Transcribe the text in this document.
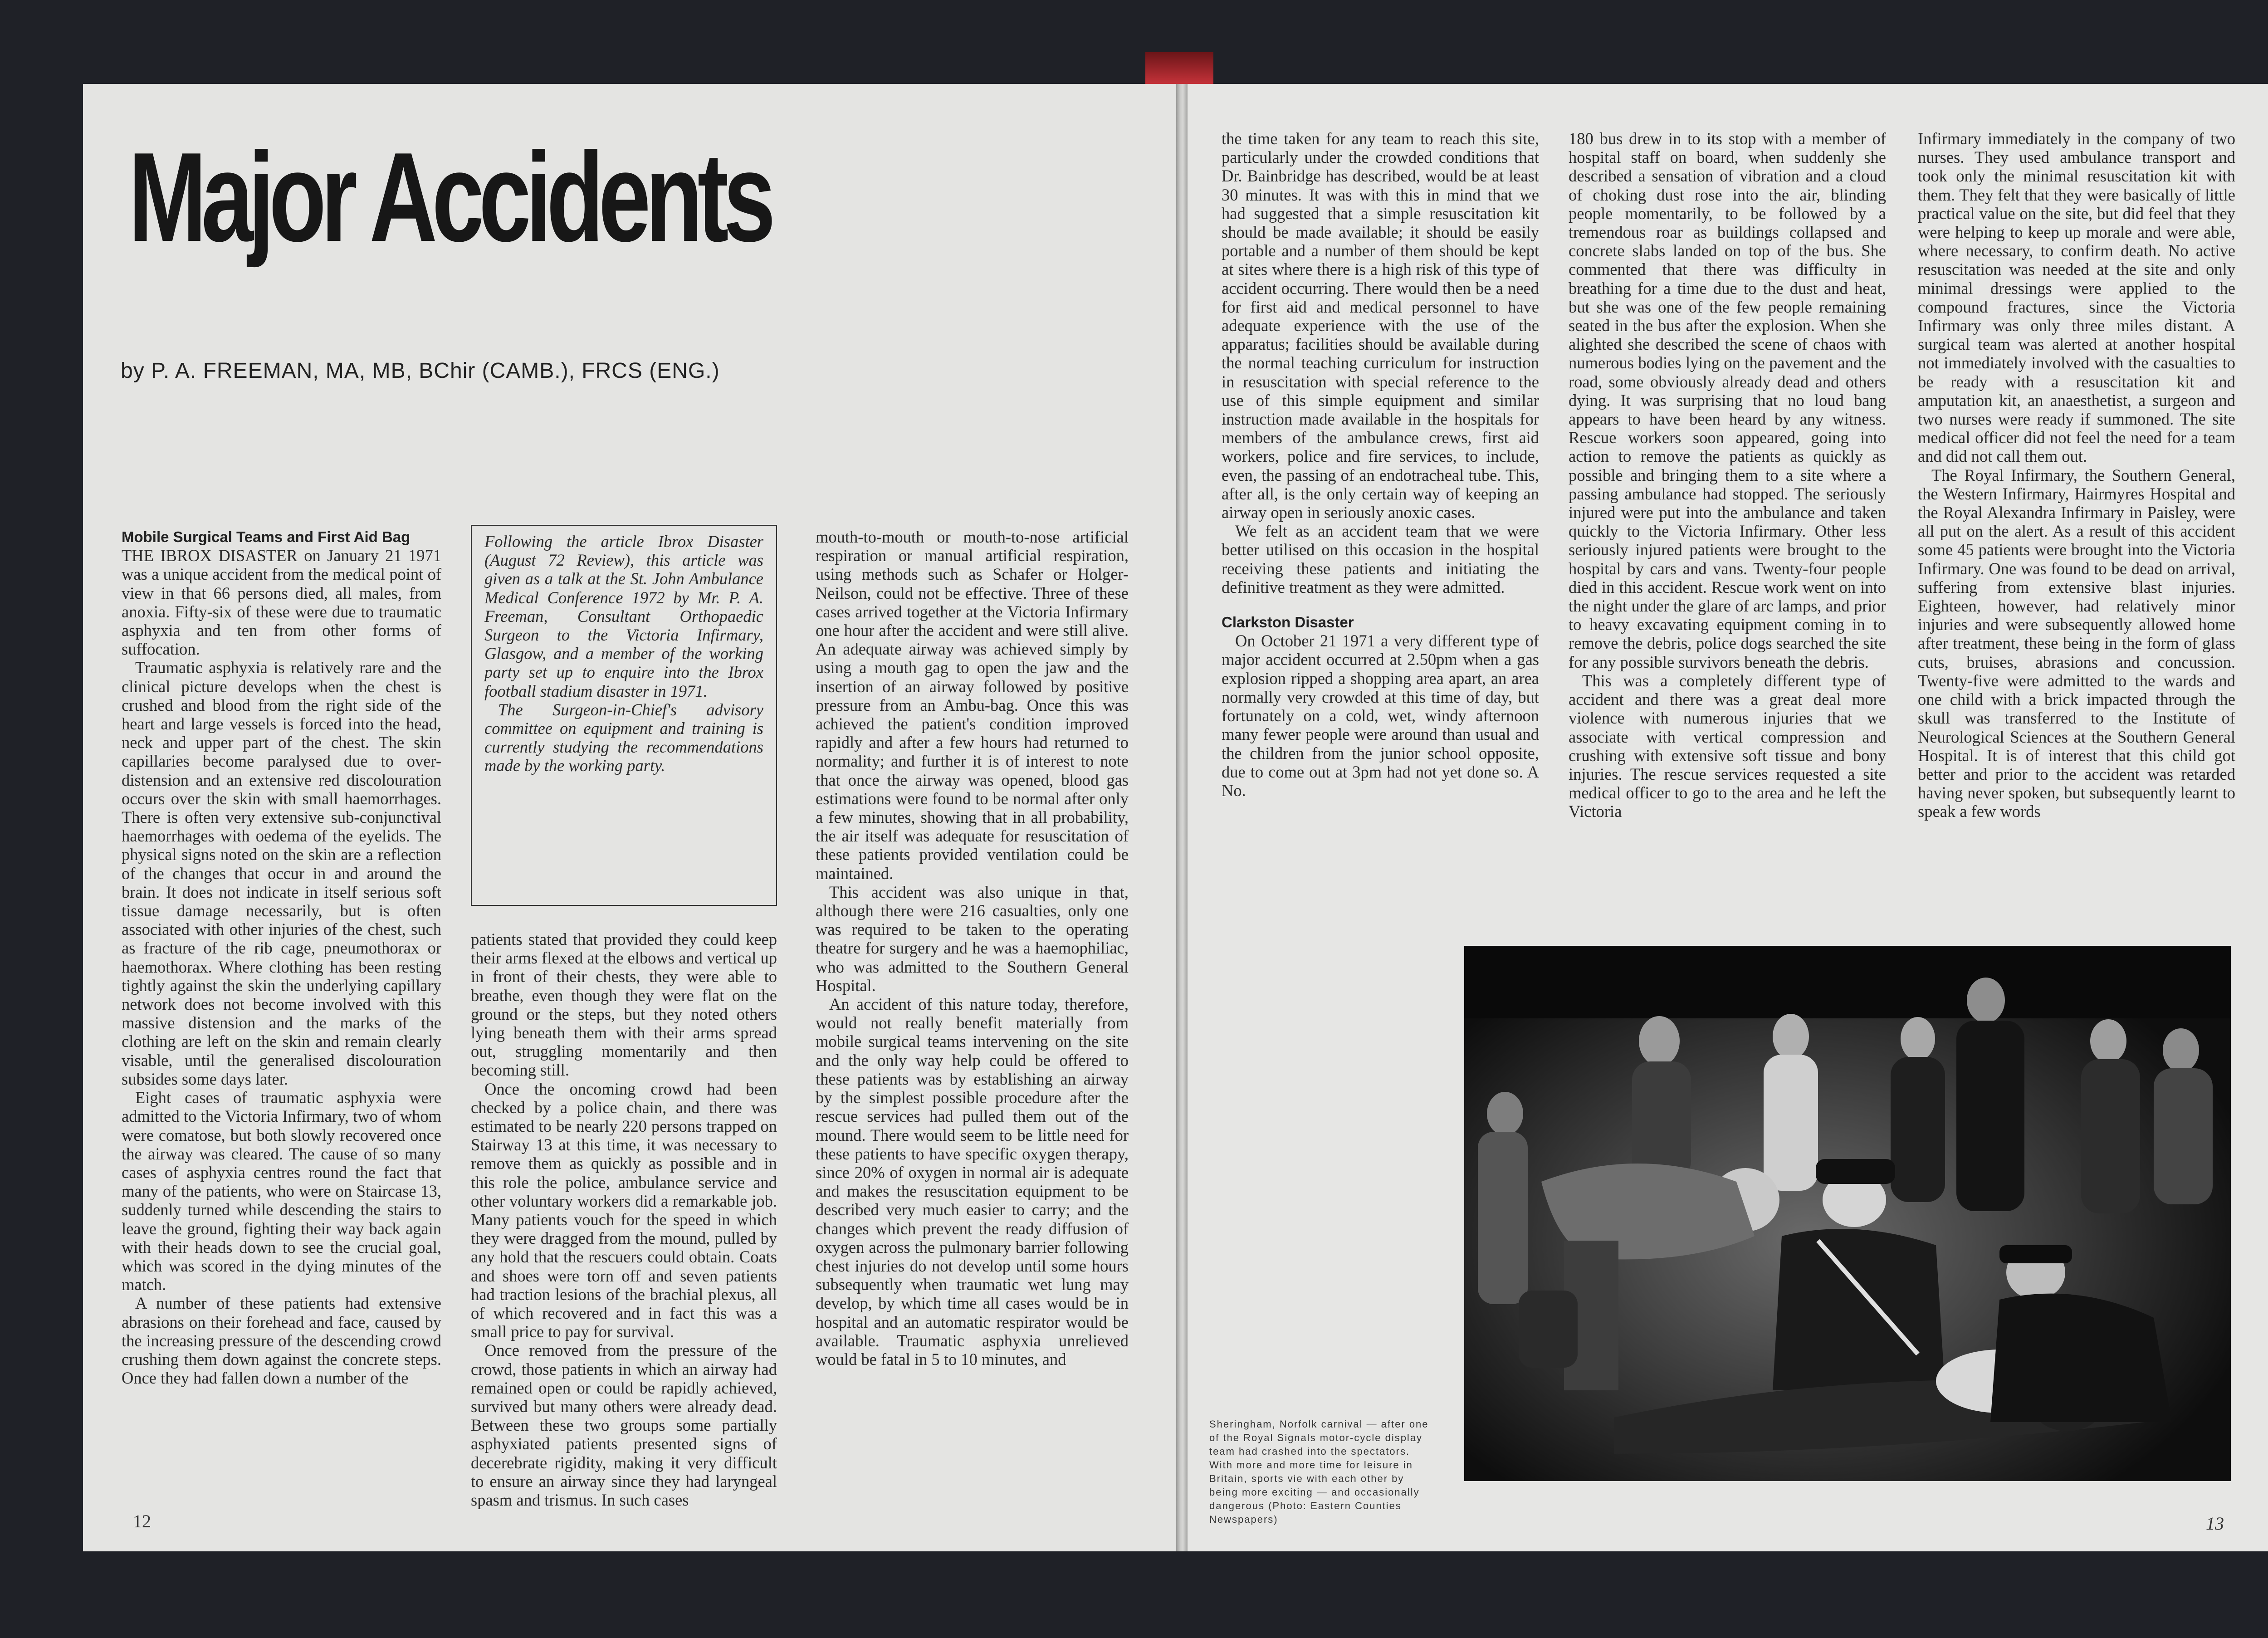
Major Accidents
by P. A. FREEMAN, MA, MB, BChir (CAMB.), FRCS (ENG.)
Mobile Surgical Teams and First Aid Bag

THE IBROX DISASTER on January 21 1971 was a unique accident from the medical point of view in that 66 persons died, all males, from anoxia. Fifty-six of these were due to traumatic asphyxia and ten from other forms of suffocation.

Traumatic asphyxia is relatively rare and the clinical picture develops when the chest is crushed and blood from the right side of the heart and large vessels is forced into the head, neck and upper part of the chest. The skin capillaries become paralysed due to over-distension and an extensive red discolouration occurs over the skin with small haemorrhages. There is often very extensive sub-conjunctival haemorrhages with oedema of the eyelids. The physical signs noted on the skin are a reflection of the changes that occur in and around the brain. It does not indicate in itself serious soft tissue damage necessarily, but is often associated with other injuries of the chest, such as fracture of the rib cage, pneumothorax or haemothorax. Where clothing has been resting tightly against the skin the underlying capillary network does not become involved with this massive distension and the marks of the clothing are left on the skin and remain clearly visable, until the generalised discolouration subsides some days later.

Eight cases of traumatic asphyxia were admitted to the Victoria Infirmary, two of whom were comatose, but both slowly recovered once the airway was cleared. The cause of so many cases of asphyxia centres round the fact that many of the patients, who were on Staircase 13, suddenly turned while descending the stairs to leave the ground, fighting their way back again with their heads down to see the crucial goal, which was scored in the dying minutes of the match.

A number of these patients had extensive abrasions on their forehead and face, caused by the increasing pressure of the descending crowd crushing them down against the concrete steps. Once they had fallen down a number of the

Following the article Ibrox Disaster (August 72 Review), this article was given as a talk at the St. John Ambulance Medical Conference 1972 by Mr. P. A. Freeman, Consultant Orthopaedic Surgeon to the Victoria Infirmary, Glasgow, and a member of the working party set up to enquire into the Ibrox football stadium disaster in 1971.

The Surgeon-in-Chief's advisory committee on equipment and training is currently studying the recommendations made by the working party.

patients stated that provided they could keep their arms flexed at the elbows and vertical up in front of their chests, they were able to breathe, even though they were flat on the ground or the steps, but they noted others lying beneath them with their arms spread out, struggling momentarily and then becoming still.

Once the oncoming crowd had been checked by a police chain, and there was estimated to be nearly 220 persons trapped on Stairway 13 at this time, it was necessary to remove them as quickly as possible and in this role the police, ambulance service and other voluntary workers did a remarkable job. Many patients vouch for the speed in which they were dragged from the mound, pulled by any hold that the rescuers could obtain. Coats and shoes were torn off and seven patients had traction lesions of the brachial plexus, all of which recovered and in fact this was a small price to pay for survival.

Once removed from the pressure of the crowd, those patients in which an airway had remained open or could be rapidly achieved, survived but many others were already dead. Between these two groups some partially asphyxiated patients presented signs of decerebrate rigidity, making it very difficult to ensure an airway since they had laryngeal spasm and trismus. In such cases

mouth-to-mouth or mouth-to-nose artificial respiration or manual artificial respiration, using methods such as Schafer or Holger-Neilson, could not be effective. Three of these cases arrived together at the Victoria Infirmary one hour after the accident and were still alive. An adequate airway was achieved simply by using a mouth gag to open the jaw and the insertion of an airway followed by positive pressure from an Ambu-bag. Once this was achieved the patient's condition improved rapidly and after a few hours had returned to normality; and further it is of interest to note that once the airway was opened, blood gas estimations were found to be normal after only a few minutes, showing that in all probability, the air itself was adequate for resuscitation of these patients provided ventilation could be maintained.

This accident was also unique in that, although there were 216 casualties, only one was required to be taken to the operating theatre for surgery and he was a haemophiliac, who was admitted to the Southern General Hospital.

An accident of this nature today, therefore, would not really benefit materially from mobile surgical teams intervening on the site and the only way help could be offered to these patients was by establishing an airway by the simplest possible procedure after the rescue services had pulled them out of the mound. There would seem to be little need for these patients to have specific oxygen therapy, since 20% of oxygen in normal air is adequate and makes the resuscitation equipment to be described very much easier to carry; and the changes which prevent the ready diffusion of oxygen across the pulmonary barrier following chest injuries do not develop until some hours subsequently when traumatic wet lung may develop, by which time all cases would be in hospital and an automatic respirator would be available. Traumatic asphyxia unrelieved would be fatal in 5 to 10 minutes, and

12

the time taken for any team to reach this site, particularly under the crowded conditions that Dr. Bainbridge has described, would be at least 30 minutes. It was with this in mind that we had suggested that a simple resuscitation kit should be made available; it should be easily portable and a number of them should be kept at sites where there is a high risk of this type of accident occurring. There would then be a need for first aid and medical personnel to have adequate experience with the use of the apparatus; facilities should be available during the normal teaching curriculum for instruction in resuscitation with special reference to the use of this simple equipment and similar instruction made available in the hospitals for members of the ambulance crews, first aid workers, police and fire services, to include, even, the passing of an endotracheal tube. This, after all, is the only certain way of keeping an airway open in seriously anoxic cases.

We felt as an accident team that we were better utilised on this occasion in the hospital receiving these patients and initiating the definitive treatment as they were admitted.

Clarkston Disaster

On October 21 1971 a very different type of major accident occurred at 2.50pm when a gas explosion ripped a shopping area apart, an area normally very crowded at this time of day, but fortunately on a cold, wet, windy afternoon many fewer people were around than usual and the children from the junior school opposite, due to come out at 3pm had not yet done so. A No.

180 bus drew in to its stop with a member of hospital staff on board, when suddenly she described a sensation of vibration and a cloud of choking dust rose into the air, blinding people momentarily, to be followed by a tremendous roar as buildings collapsed and concrete slabs landed on top of the bus. She commented that there was difficulty in breathing for a time due to the dust and heat, but she was one of the few people remaining seated in the bus after the explosion. When she alighted she described the scene of chaos with numerous bodies lying on the pavement and the road, some obviously already dead and others dying. It was surprising that no loud bang appears to have been heard by any witness. Rescue workers soon appeared, going into action to remove the patients as quickly as possible and bringing them to a site where a passing ambulance had stopped. The seriously injured were put into the ambulance and taken quickly to the Victoria Infirmary. Other less seriously injured patients were brought to the hospital by cars and vans. Twenty-four people died in this accident. Rescue work went on into the night under the glare of arc lamps, and prior to heavy excavating equipment coming in to remove the debris, police dogs searched the site for any possible survivors beneath the debris.

This was a completely different type of accident and there was a great deal more violence with numerous injuries that we associate with vertical compression and crushing with extensive soft tissue and bony injuries. The rescue services requested a site medical officer to go to the area and he left the Victoria

Infirmary immediately in the company of two nurses. They used ambulance transport and took only the minimal resuscitation kit with them. They felt that they were basically of little practical value on the site, but did feel that they were helping to keep up morale and were able, where necessary, to confirm death. No active resuscitation was needed at the site and only minimal dressings were applied to the compound fractures, since the Victoria Infirmary was only three miles distant. A surgical team was alerted at another hospital not immediately involved with the casualties to be ready with a resuscitation kit and amputation kit, an anaesthetist, a surgeon and two nurses were ready if summoned. The site medical officer did not feel the need for a team and did not call them out.

The Royal Infirmary, the Southern General, the Western Infirmary, Hairmyres Hospital and the Royal Alexandra Infirmary in Paisley, were all put on the alert. As a result of this accident some 45 patients were brought into the Victoria Infirmary. One was found to be dead on arrival, suffering from extensive blast injuries. Eighteen, however, had relatively minor injuries and were subsequently allowed home after treatment, these being in the form of glass cuts, bruises, abrasions and concussion. Twenty-five were admitted to the wards and one child with a brick impacted through the skull was transferred to the Institute of Neurological Sciences at the Southern General Hospital. It is of interest that this child got better and prior to the accident was retarded having never spoken, but subsequently learnt to speak a few words

Sheringham, Norfolk carnival — after one of the Royal Signals motor-cycle display team had crashed into the spectators. With more and more time for leisure in Britain, sports vie with each other by being more exciting — and occasionally dangerous (Photo: Eastern Counties Newspapers)	13
